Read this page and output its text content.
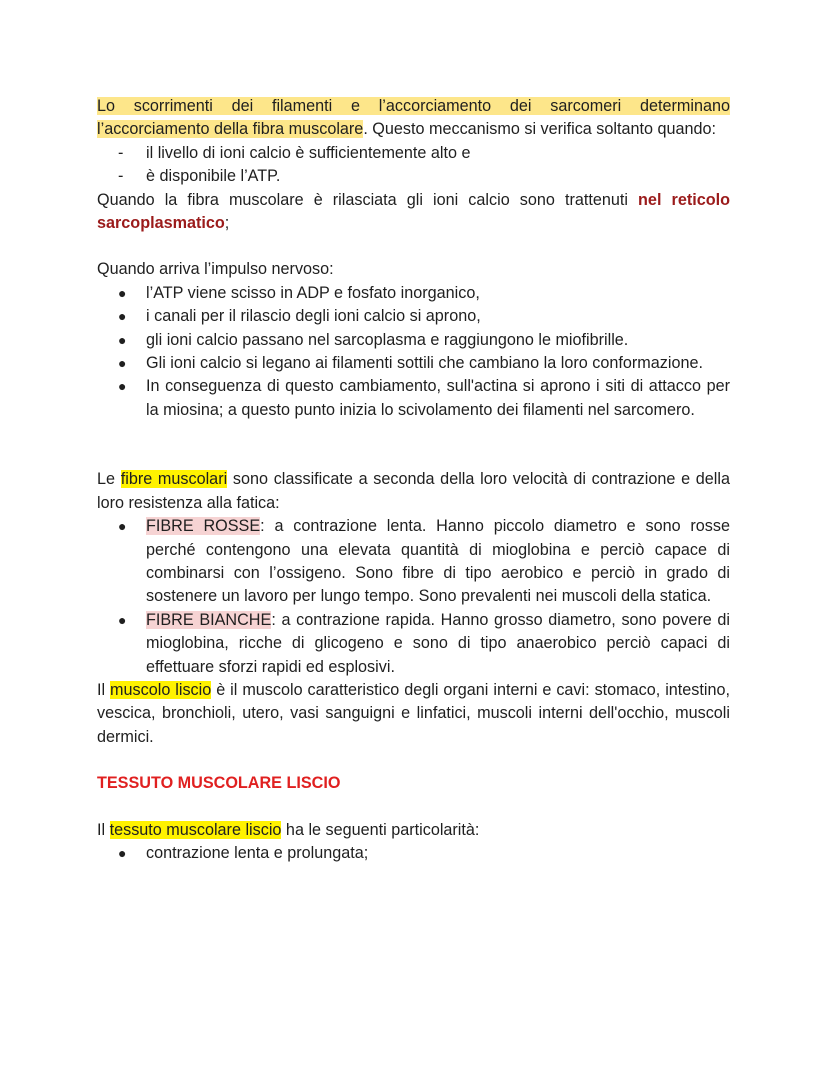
Lo scorrimenti dei filamenti e l’accorciamento dei sarcomeri determinano l’accorciamento della fibra muscolare. Questo meccanismo si verifica soltanto quando:

- il livello di ioni calcio è sufficientemente alto e
- è disponibile l’ATP.

Quando la fibra muscolare è rilasciata gli ioni calcio sono trattenuti nel reticolo sarcoplasmatico;

Quando arriva l’impulso nervoso:

● l’ATP viene scisso in ADP e fosfato inorganico,
● i canali per il rilascio degli ioni calcio si aprono,
● gli ioni calcio passano nel sarcoplasma e raggiungono le miofibrille.
● Gli ioni calcio si legano ai filamenti sottili che cambiano la loro conformazione.
● In conseguenza di questo cambiamento, sull'actina si aprono i siti di attacco per la miosina; a questo punto inizia lo scivolamento dei filamenti nel sarcomero.

Le fibre muscolari sono classificate a seconda della loro velocità di contrazione e della loro resistenza alla fatica:

● FIBRE ROSSE: a contrazione lenta. Hanno piccolo diametro e sono rosse perché contengono una elevata quantità di mioglobina e perciò capace di combinarsi con l’ossigeno. Sono fibre di tipo aerobico e perciò in grado di sostenere un lavoro per lungo tempo. Sono prevalenti nei muscoli della statica.
● FIBRE BIANCHE: a contrazione rapida. Hanno grosso diametro, sono povere di mioglobina, ricche di glicogeno e sono di tipo anaerobico perciò capaci di effettuare sforzi rapidi ed esplosivi.

Il muscolo liscio è il muscolo caratteristico degli organi interni e cavi: stomaco, intestino, vescica, bronchioli, utero, vasi sanguigni e linfatici, muscoli interni dell'occhio, muscoli dermici.

TESSUTO MUSCOLARE LISCIO

Il tessuto muscolare liscio ha le seguenti particolarità:

● contrazione lenta e prolungata;
